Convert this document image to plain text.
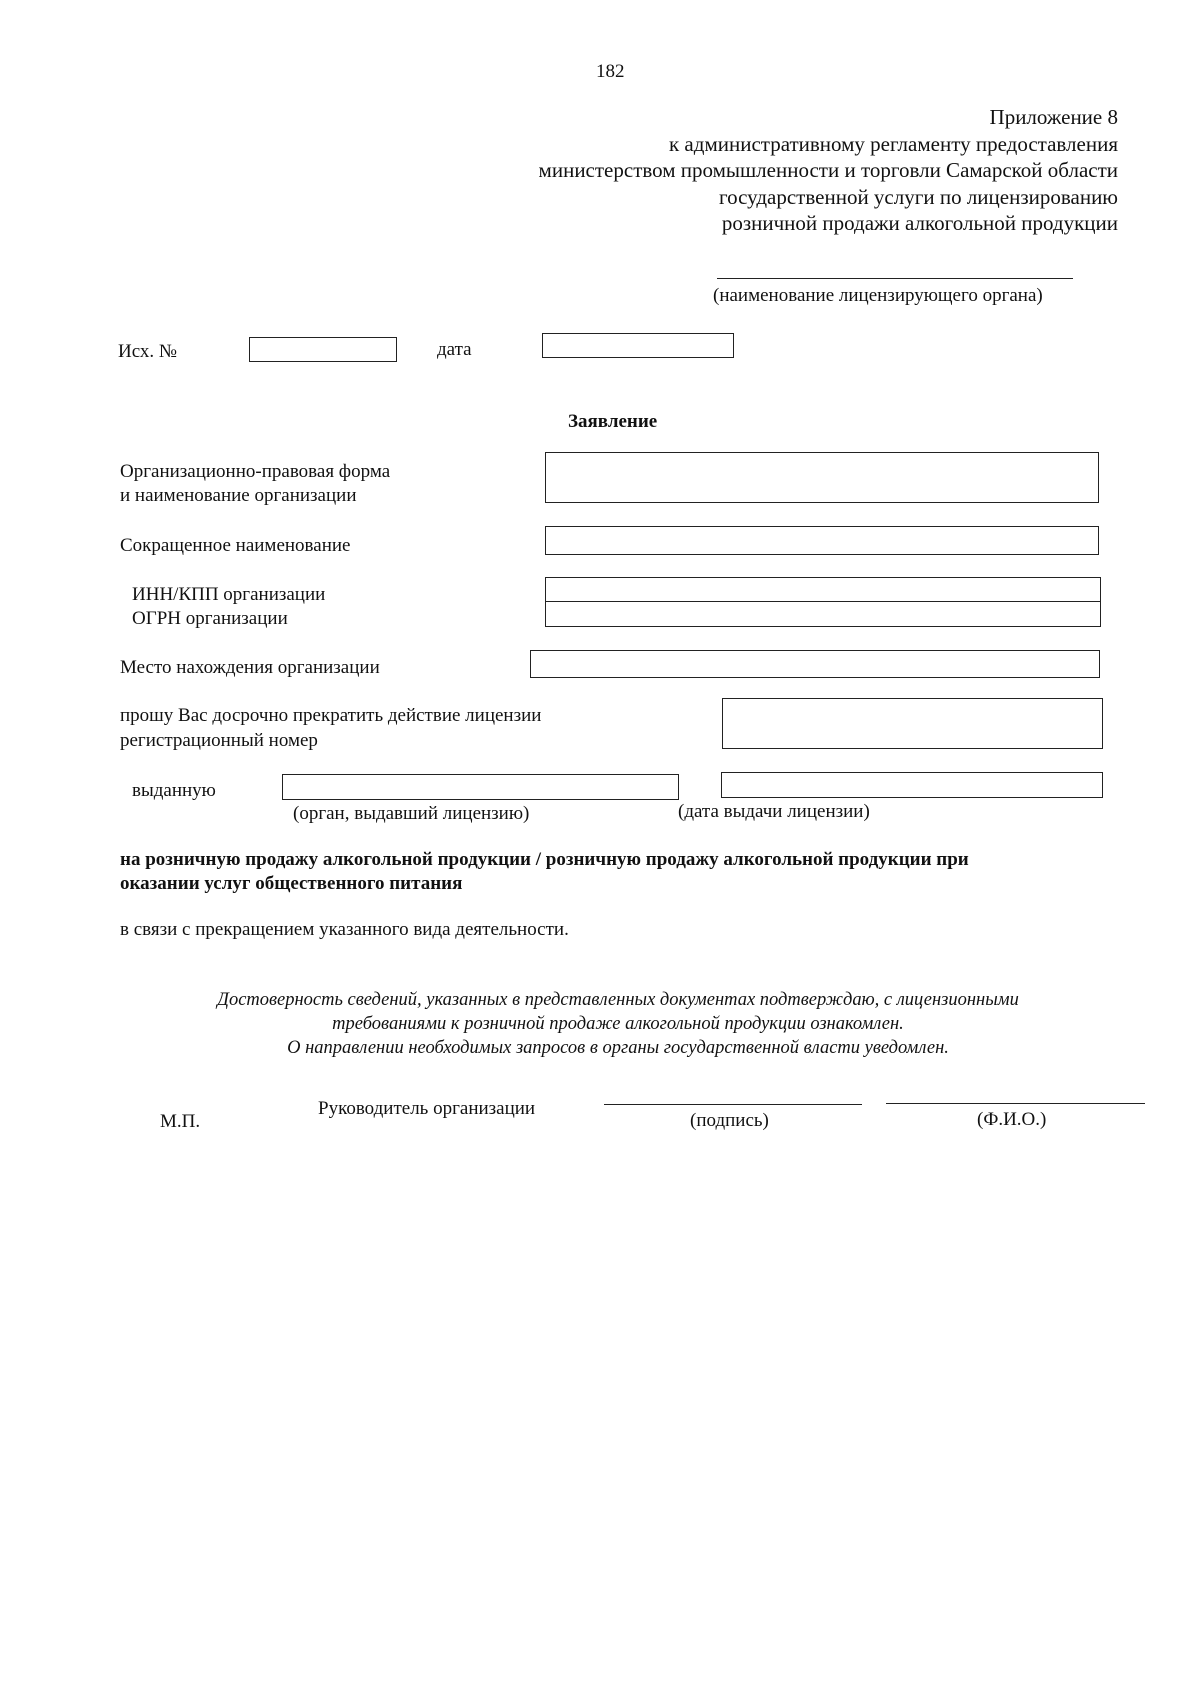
182
Приложение 8
к административному регламенту предоставления
министерством промышленности и торговли Самарской области
государственной услуги по лицензированию
розничной продажи алкогольной продукции
(наименование лицензирующего органа)
Исх. №	дата
Заявление
Организационно-правовая форма
и наименование организации
Сокращенное наименование
ИНН/КПП организации
ОГРН организации
Место нахождения организации
прошу Вас досрочно прекратить действие лицензии
регистрационный номер
выданную
(орган, выдавший лицензию)	(дата выдачи лицензии)
на розничную продажу алкогольной продукции / розничную продажу алкогольной продукции при
оказании услуг общественного питания
в связи с прекращением указанного вида деятельности.
Достоверность сведений, указанных в представленных документах подтверждаю, с лицензионными
требованиями к розничной продаже алкогольной продукции ознакомлен.
О направлении необходимых запросов в органы государственной власти уведомлен.
М.П.
Руководитель организации
(подпись)	(Ф.И.О.)
